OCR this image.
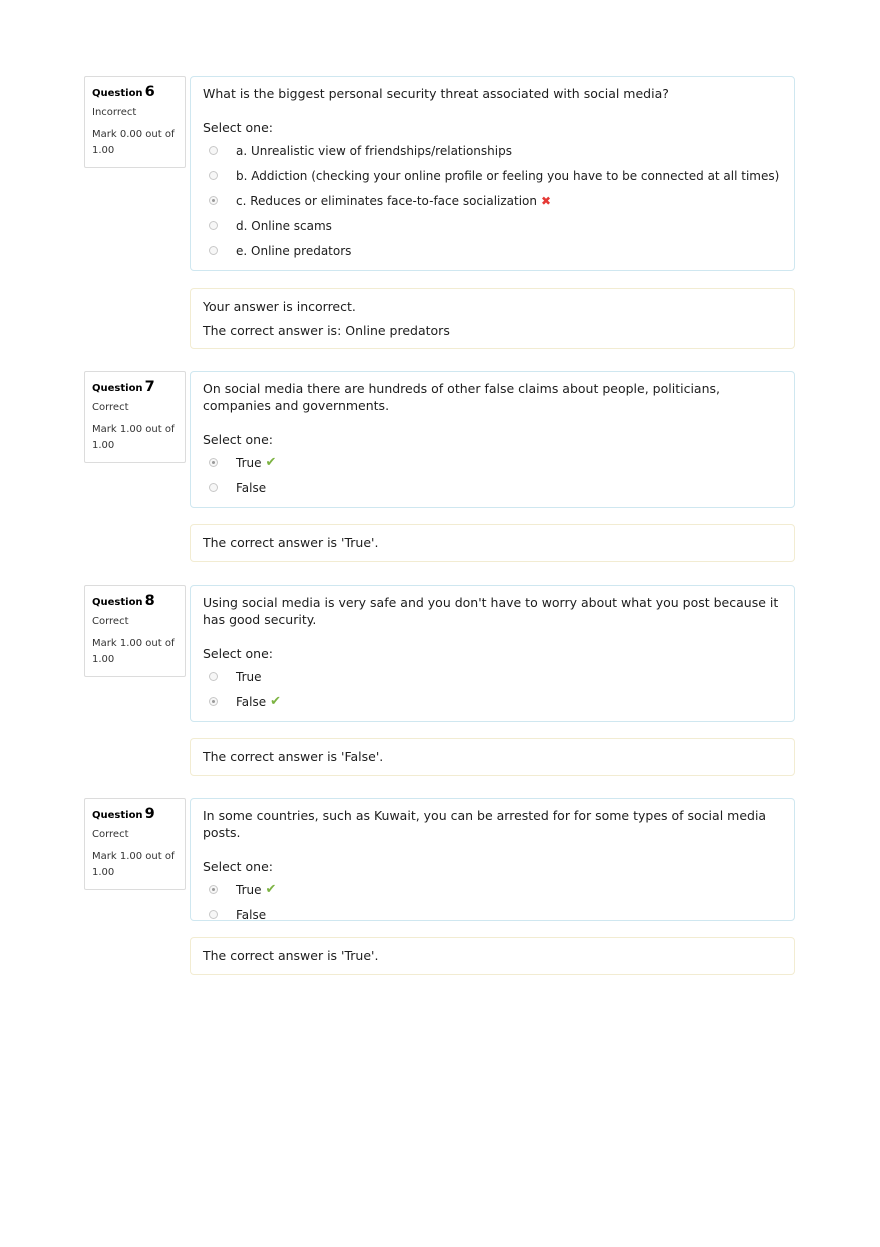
Question 6
Incorrect
Mark 0.00 out of 1.00
What is the biggest personal security threat associated with social media?
Select one:
a. Unrealistic view of friendships/relationships
b. Addiction (checking your online profile or feeling you have to be connected at all times)
c. Reduces or eliminates face-to-face socialization ✖
d. Online scams
e. Online predators
Your answer is incorrect.
The correct answer is: Online predators
Question 7
Correct
Mark 1.00 out of 1.00
On social media there are hundreds of other false claims about people, politicians, companies and governments.
Select one:
True ✔
False
The correct answer is 'True'.
Question 8
Correct
Mark 1.00 out of 1.00
Using social media is very safe and you don't have to worry about what you post because it has good security.
Select one:
True
False ✔
The correct answer is 'False'.
Question 9
Correct
Mark 1.00 out of 1.00
In some countries, such as Kuwait, you can be arrested for for some types of social media posts.
Select one:
True ✔
False
The correct answer is 'True'.
